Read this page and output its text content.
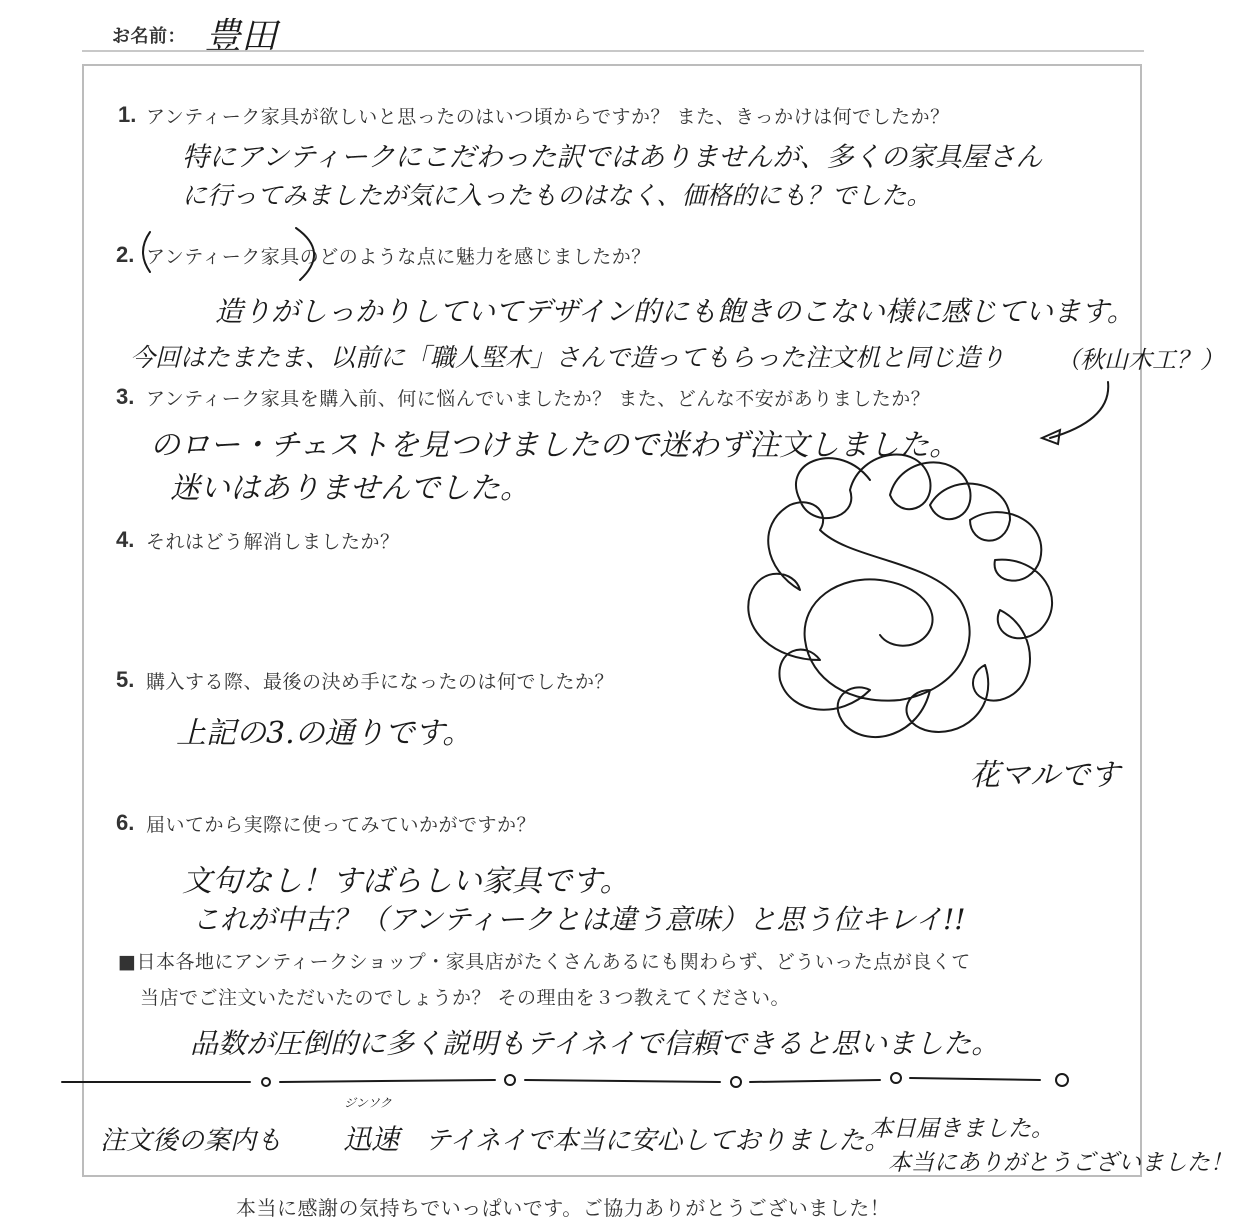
お名前： 豊田
1. アンティーク家具が欲しいと思ったのはいつ頃からですか？ また、きっかけは何でしたか？
特にアンティークにこだわった訳ではありませんが、多くの家具屋さん
に行ってみましたが気に入ったものはなく、価格的にも？でした。
2. アンティーク家具のどのような点に魅力を感じましたか？
造りがしっかりしていてデザイン的にも飽きのこない様に感じています。
今回はたまたま、以前に「職人堅木」さんで造ってもらった注文机と同じ造り （秋山木工？）
3. アンティーク家具を購入前、何に悩んでいましたか？ また、どんな不安がありましたか？
のロー・チェストを見つけましたので迷わず注文しました。
迷いはありませんでした。
4. それはどう解消しましたか？
5. 購入する際、最後の決め手になったのは何でしたか？
上記の3.の通りです。
6. 届いてから実際に使ってみていかがですか？
文句なし！すばらしい家具です。
これが中古？（アンティークとは違う意味）と思う位キレイ!!
■日本各地にアンティークショップ・家具店がたくさんあるにも関わらず、どういった点が良くて
当店でご注文いただいたのでしょうか？ その理由を３つ教えてください。
品数が圧倒的に多く説明もテイネイで信頼できると思いました。
注文後の案内も
ジンソク
迅速 テイネイで本当に安心しておりました。
本日届きました。
本当にありがとうございました！
花マルです
本当に感謝の気持ちでいっぱいです。ご協力ありがとうございました！
